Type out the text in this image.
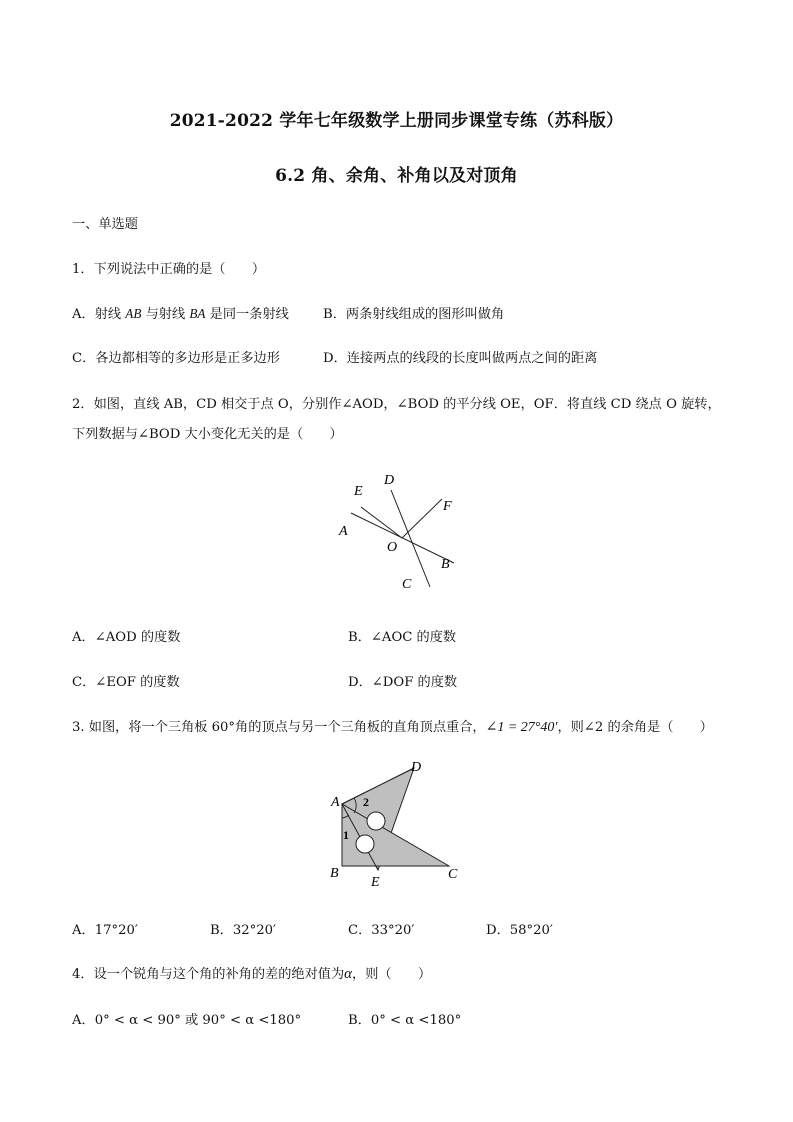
2021-2022 学年七年级数学上册同步课堂专练（苏科版）
6.2 角、余角、补角以及对顶角
一、单选题
1．下列说法中正确的是（　　）
A．射线 AB 与射线 BA 是同一条射线	B．两条射线组成的图形叫做角
C．各边都相等的多边形是正多边形	D．连接两点的线段的长度叫做两点之间的距离
2．如图，直线 AB，CD 相交于点 O，分别作∠AOD，∠BOD 的平分线 OE，OF．将直线 CD 绕点 O 旋转，
下列数据与∠BOD 大小变化无关的是（　　）
D
E
F
A
O
B
C
A．∠AOD 的度数	B．∠AOC 的度数
C．∠EOF 的度数	D．∠DOF 的度数
3. 如图，将一个三角板 60°角的顶点与另一个三角板的直角顶点重合，∠1 = 27°40′，则∠2 的余角是（　　）
A
D
2
1
B
E
C
A．17°20′	B．32°20′	C．33°20′	D．58°20′
4．设一个锐角与这个角的补角的差的绝对值为α，则（　　）
A．0° < α < 90° 或 90° < α <180°	B．0° < α <180°
